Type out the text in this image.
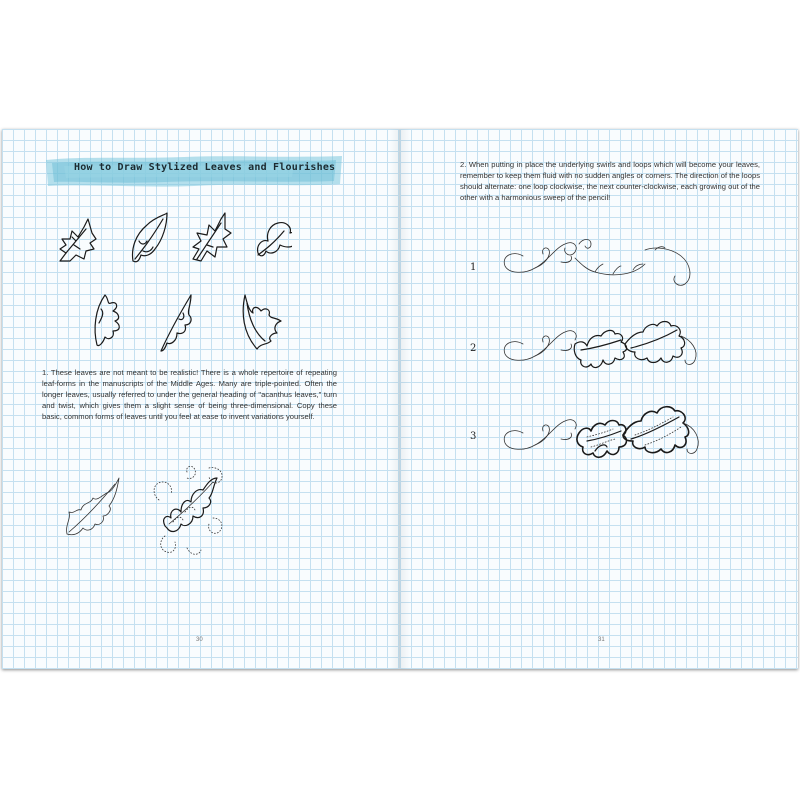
How to Draw Stylized Leaves and Flourishes

1. These leaves are not meant to be realistic! There is a whole repertoire of repeating leaf-forms in the manuscripts of the Middle Ages. Many are triple-pointed. Often the longer leaves, usually referred to under the general heading of "acanthus leaves," turn and twist, which gives them a slight sense of being three-dimensional. Copy these basic, common forms of leaves until you feel at ease to invent variations yourself.

30

2. When putting in place the underlying swirls and loops which will become your leaves, remember to keep them fluid with no sudden angles or corners. The direction of the loops should alternate: one loop clockwise, the next counter-clockwise, each growing out of the other with a harmonious sweep of the pencil!

1
2
3
31
